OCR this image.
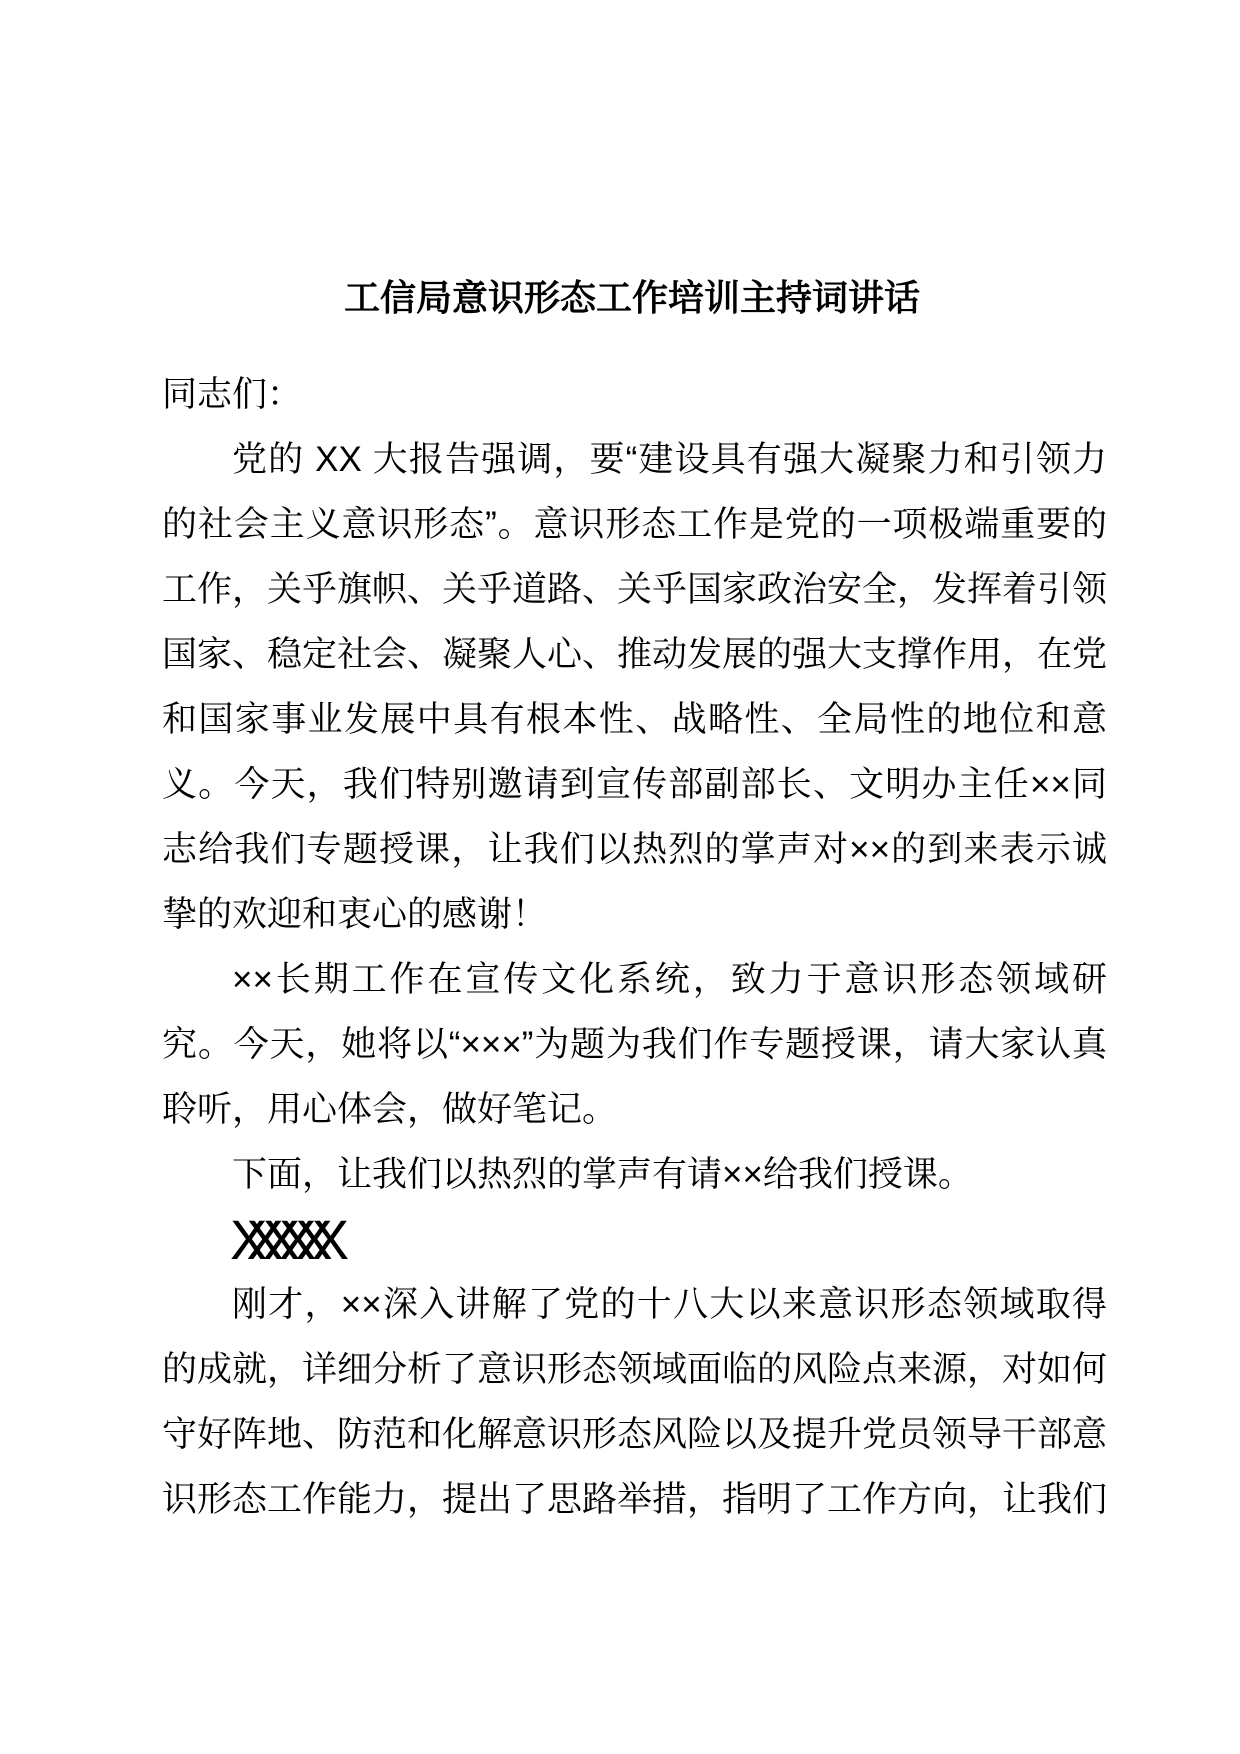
工信局意识形态工作培训主持词讲话

同志们：

党的 XX 大报告强调，要“建设具有强大凝聚力和引领力的社会主义意识形态”。意识形态工作是党的一项极端重要的工作，关乎旗帜、关乎道路、关乎国家政治安全，发挥着引领国家、稳定社会、凝聚人心、推动发展的强大支撑作用，在党和国家事业发展中具有根本性、战略性、全局性的地位和意义。今天，我们特别邀请到宣传部副部长、文明办主任××同志给我们专题授课，让我们以热烈的掌声对××的到来表示诚挚的欢迎和衷心的感谢！

××长期工作在宣传文化系统，致力于意识形态领域研究。今天，她将以“×××”为题为我们作专题授课，请大家认真聆听，用心体会，做好笔记。

下面，让我们以热烈的掌声有请××给我们授课。

XXXXXX

刚才，××深入讲解了党的十八大以来意识形态领域取得的成就，详细分析了意识形态领域面临的风险点来源，对如何守好阵地、防范和化解意识形态风险以及提升党员领导干部意识形态工作能力，提出了思路举措，指明了工作方向，让我们
